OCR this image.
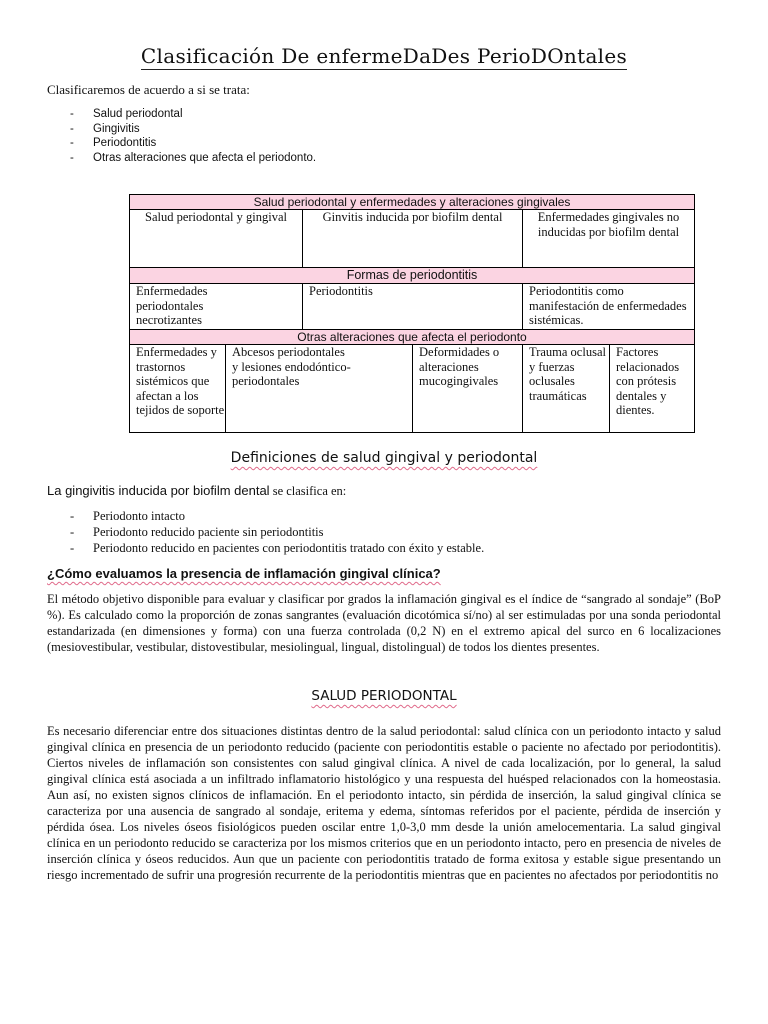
Clasificación De enfermeDaDes PerioDOntales
Clasificaremos de acuerdo a si se trata:
- Salud periodontal
- Gingivitis
- Periodontitis
- Otras alteraciones que afecta el periodonto.
Salud periodontal y enfermedades y alteraciones gingivales					
Salud periodontal y gingival		Ginvitis inducida por biofilm dental		Enfermedades gingivales no inducidas por biofilm dental	
Formas de periodontitis					
Enfermedades periodontales necrotizantes		Periodontitis		Periodontitis como manifestación de enfermedades sistémicas.	
Otras alteraciones que afecta el periodonto					
Enfermedades y trastornos sistémicos que afectan a los tejidos de soporte	Abcesos periodontales y lesiones endodóntico-periodontales		Deformidades o alteraciones mucogingivales	Trauma oclusal y fuerzas oclusales traumáticas	Factores relacionados con prótesis dentales y dientes.
Definiciones de salud gingival y periodontal
La gingivitis inducida por biofilm dental se clasifica en:
- Periodonto intacto
- Periodonto reducido paciente sin periodontitis
- Periodonto reducido en pacientes con periodontitis tratado con éxito y estable.
¿Cómo evaluamos la presencia de inflamación gingival clínica?

El método objetivo disponible para evaluar y clasificar por grados la inflamación gingival es el índice de “sangrado al sondaje” (BoP %). Es calculado como la proporción de zonas sangrantes (evaluación dicotómica sí/no) al ser estimuladas por una sonda periodontal estandarizada (en dimensiones y forma) con una fuerza controlada (0,2 N) en el extremo apical del surco en 6 localizaciones (mesiovestibular, vestibular, distovestibular, mesiolingual, lingual, distolingual) de todos los dientes presentes.

SALUD PERIODONTAL

Es necesario diferenciar entre dos situaciones distintas dentro de la salud periodontal: salud clínica con un periodonto intacto y salud gingival clínica en presencia de un periodonto reducido (paciente con periodontitis estable o paciente no afectado por periodontitis). Ciertos niveles de inflamación son consistentes con salud gingival clínica. A nivel de cada localización, por lo general, la salud gingival clínica está asociada a un infiltrado inflamatorio histológico y una respuesta del huésped relacionados con la homeostasia. Aun así, no existen signos clínicos de inflamación. En el periodonto intacto, sin pérdida de inserción, la salud gingival clínica se caracteriza por una ausencia de sangrado al sondaje, eritema y edema, síntomas referidos por el paciente, pérdida de inserción y pérdida ósea. Los niveles óseos fisiológicos pueden oscilar entre 1,0-3,0 mm desde la unión amelocementaria. La salud gingival clínica en un periodonto reducido se caracteriza por los mismos criterios que en un periodonto intacto, pero en presencia de niveles de inserción clínica y óseos reducidos. Aun que un paciente con periodontitis tratado de forma exitosa y estable sigue presentando un riesgo incrementado de sufrir una progresión recurrente de la periodontitis mientras que en pacientes no afectados por periodontitis no
